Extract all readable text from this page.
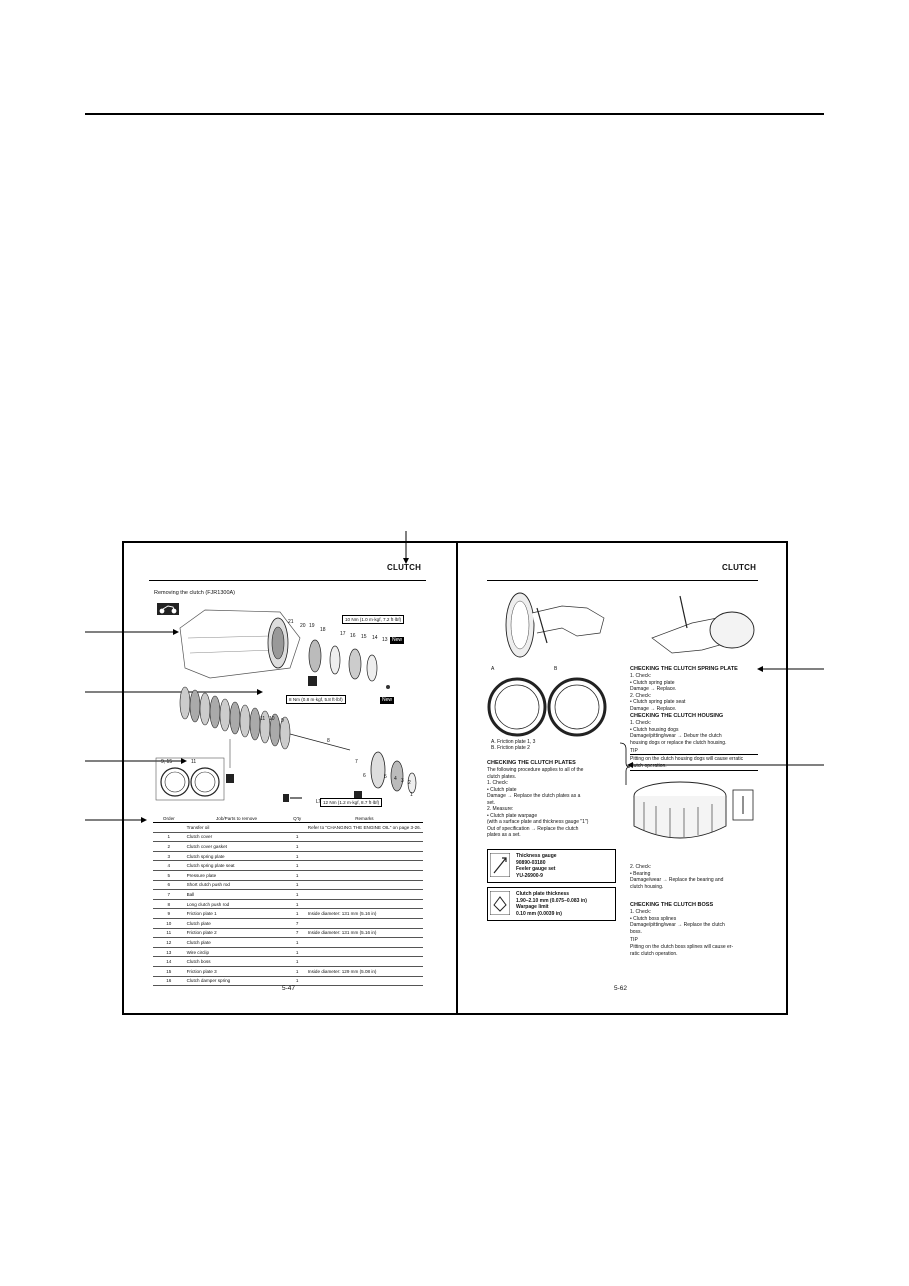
CLUTCH
Removing the clutch (FJR1300A)
21
20 19
18
17 16 15 14 13 New
10 Nm (1.0 m·kgf, 7.2 ft·lbf)
8 Nm (0.8 m·kgf, 5.8 ft·lbf)
12 Nm (1.2 m·kgf, 8.7 ft·lbf)
New
11 10 9
8
7
6	5 4 3 2
1
LT
9, 15	11
Order	Job/Parts to remove	Q'ty	Remarks
	Transfer oil		Refer to "CHANGING THE ENGINE OIL" on page 3-26.
1	Clutch cover	1	
2	Clutch cover gasket	1	
3	Clutch spring plate	1	
4	Clutch spring plate seat	1	
5	Pressure plate	1	
6	Short clutch push rod	1	
7	Ball	1	
8	Long clutch push rod	1	
9	Friction plate 1	1	Inside diameter: 131 mm (5.16 in)
10	Clutch plate	7	
11	Friction plate 2	7	Inside diameter: 131 mm (5.16 in)
12	Clutch plate	1	
13	Wire circlip	1	
14	Clutch boss	1	
15	Friction plate 3	1	Inside diameter: 129 mm (5.08 in)
16	Clutch damper spring	1	
5-47
CLUTCH
A	B
A. Friction plate 1, 3
B. Friction plate 2
CHECKING THE CLUTCH PLATES
The following procedure applies to all of the
clutch plates.
1. Check:
• Clutch plate
Damage → Replace the clutch plates as a
set.
2. Measure:
• Clutch plate warpage
(with a surface plate and thickness gauge "1")
Out of specification → Replace the clutch
plates as a set.
Thickness gauge
90890-03180
Feeler gauge set
YU-26900-9
Clutch plate thickness
1.90–2.10 mm (0.075–0.083 in)
Warpage limit
0.10 mm (0.0039 in)
CHECKING THE CLUTCH SPRING PLATE
1. Check:
• Clutch spring plate
Damage → Replace.
2. Check:
• Clutch spring plate seat
Damage → Replace.
CHECKING THE CLUTCH HOUSING
1. Check:
• Clutch housing dogs
Damage/pitting/wear → Deburr the clutch
housing dogs or replace the clutch housing.
TIP
Pitting on the clutch housing dogs will cause erratic
clutch operation.
2. Check:
• Bearing
Damage/wear → Replace the bearing and
clutch housing.
CHECKING THE CLUTCH BOSS
1. Check:
• Clutch boss splines
Damage/pitting/wear → Replace the clutch
boss.
TIP
Pitting on the clutch boss splines will cause er-
ratic clutch operation.
5-62
